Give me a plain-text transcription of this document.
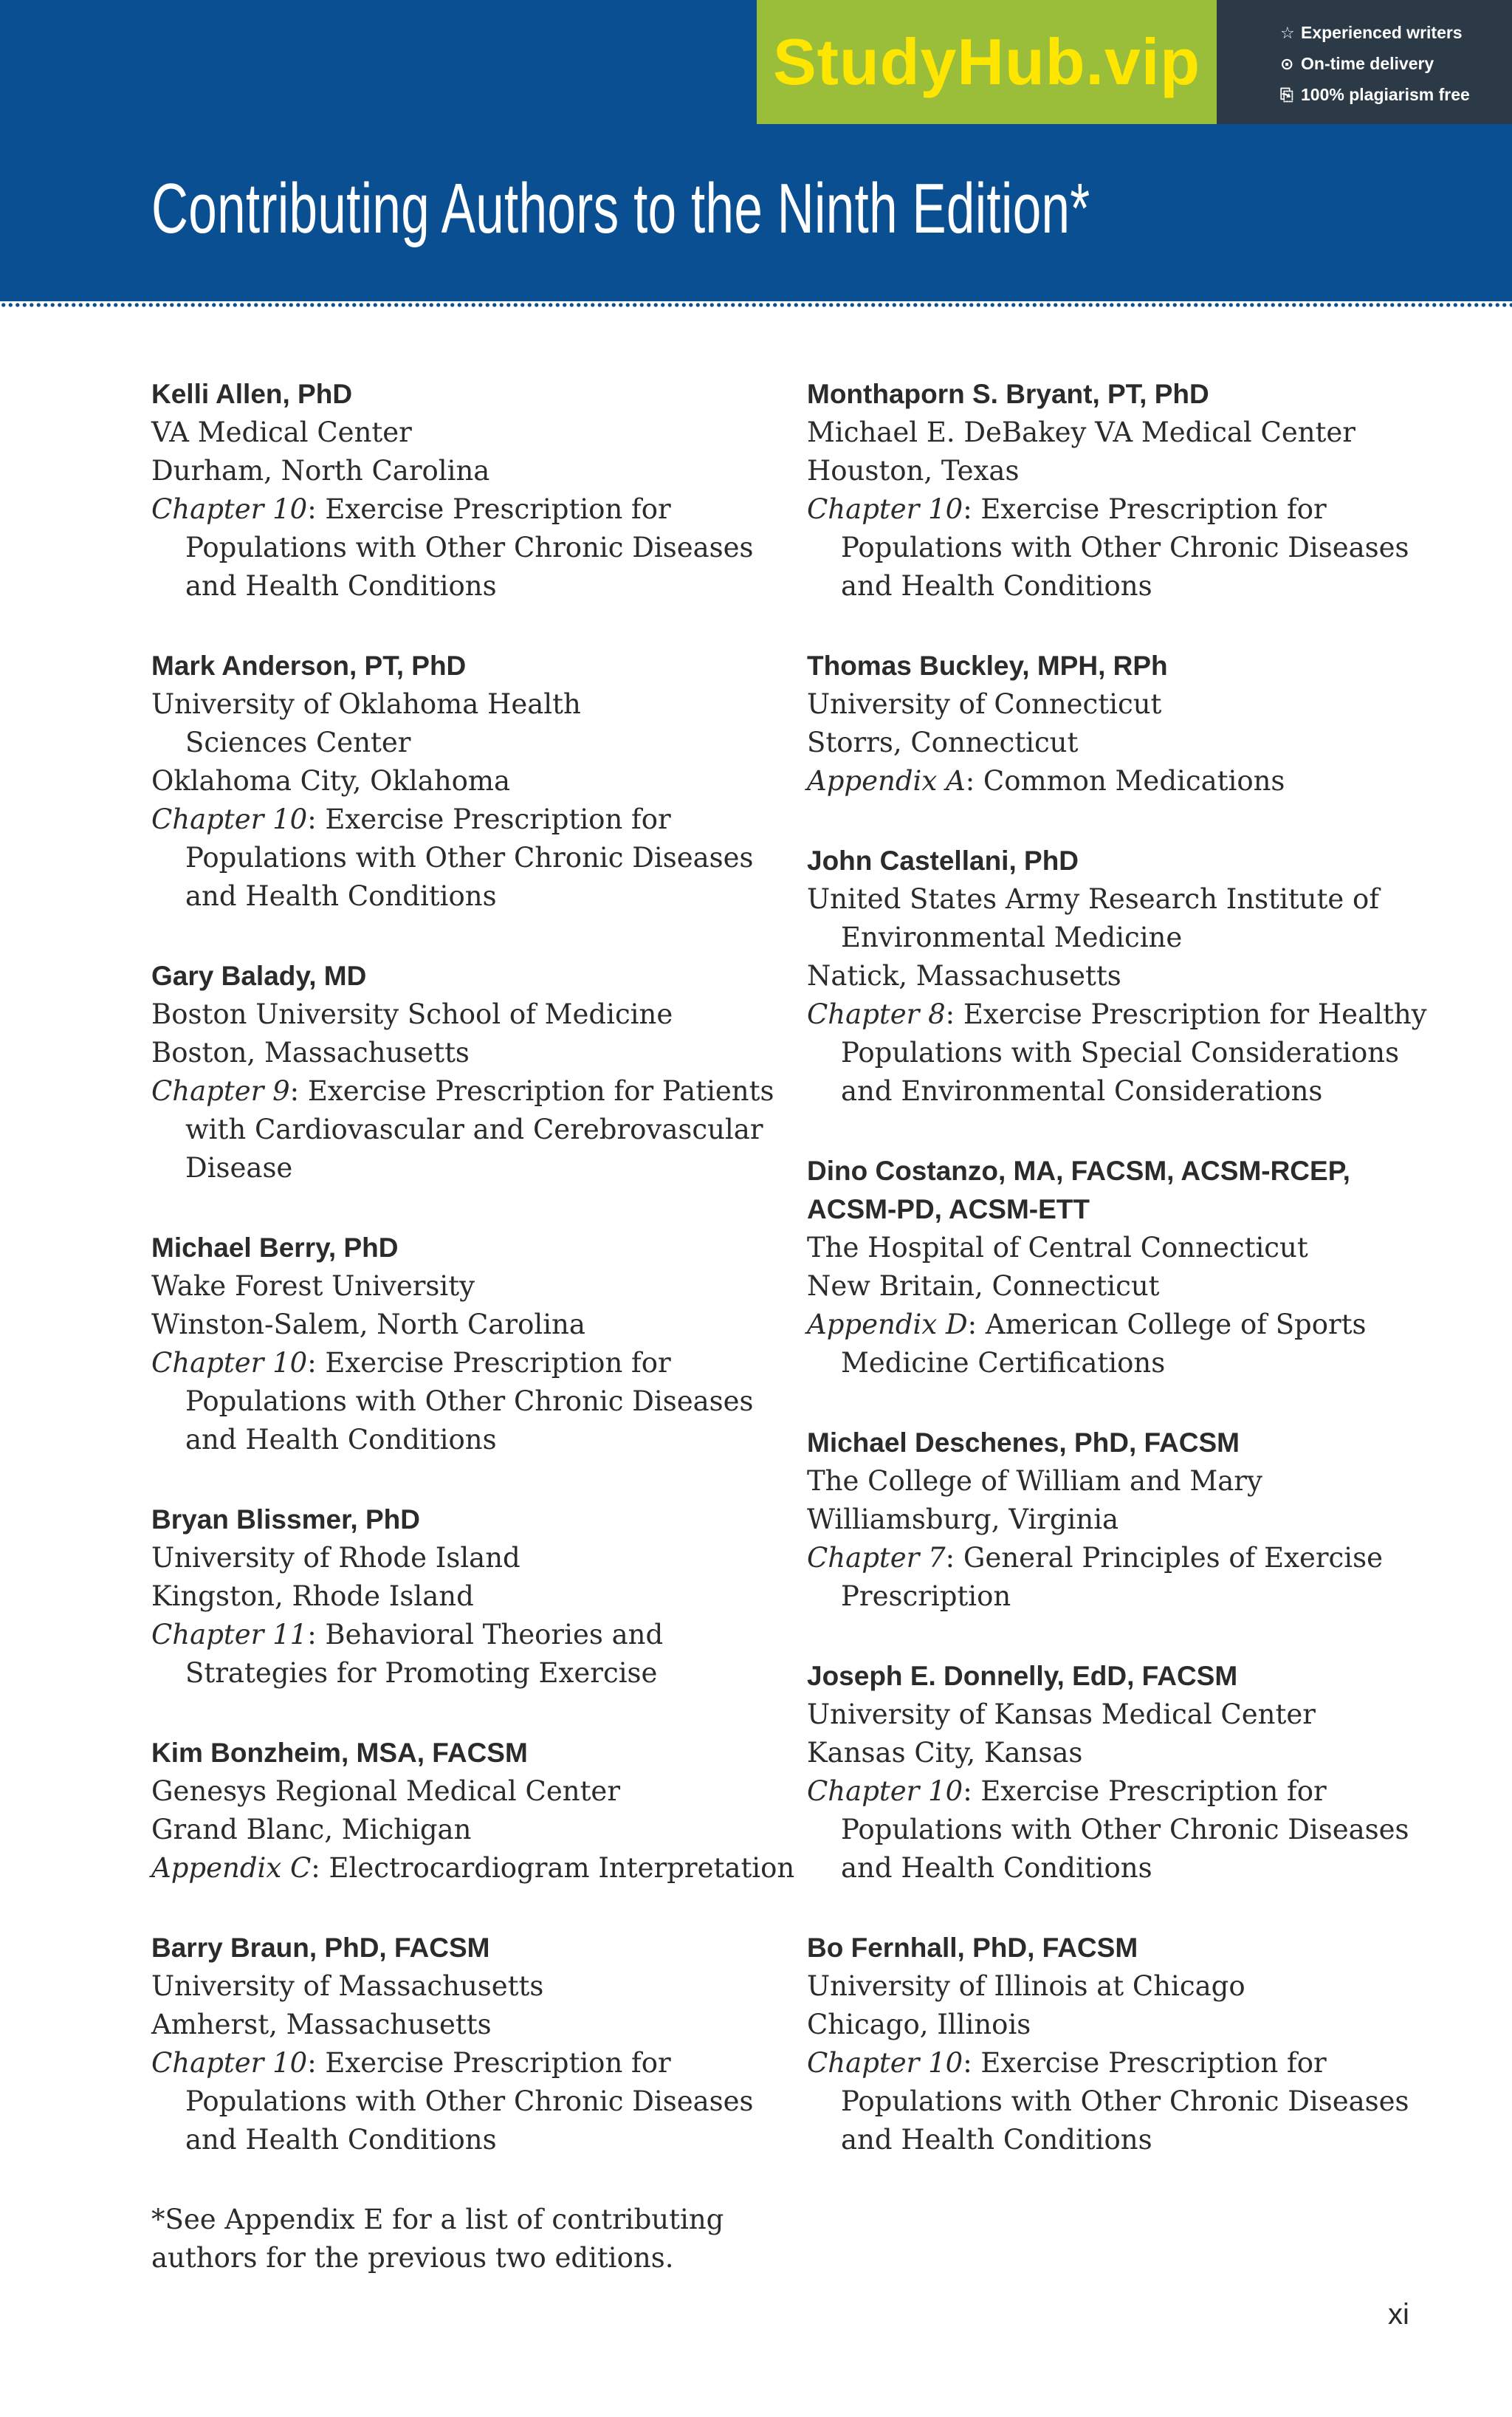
Contributing Authors to the Ninth Edition*
StudyHub.vip	☆ Experienced writers
⊙ On-time delivery
⎘ 100% plagiarism free
Kelli Allen, PhD
VA Medical Center
Durham, North Carolina
Chapter 10: Exercise Prescription for
Populations with Other Chronic Diseases
and Health Conditions
Mark Anderson, PT, PhD
University of Oklahoma Health
Sciences Center
Oklahoma City, Oklahoma
Chapter 10: Exercise Prescription for
Populations with Other Chronic Diseases
and Health Conditions
Gary Balady, MD
Boston University School of Medicine
Boston, Massachusetts
Chapter 9: Exercise Prescription for Patients
with Cardiovascular and Cerebrovascular
Disease
Michael Berry, PhD
Wake Forest University
Winston-Salem, North Carolina
Chapter 10: Exercise Prescription for
Populations with Other Chronic Diseases
and Health Conditions
Bryan Blissmer, PhD
University of Rhode Island
Kingston, Rhode Island
Chapter 11: Behavioral Theories and
Strategies for Promoting Exercise
Kim Bonzheim, MSA, FACSM
Genesys Regional Medical Center
Grand Blanc, Michigan
Appendix C: Electrocardiogram Interpretation
Barry Braun, PhD, FACSM
University of Massachusetts
Amherst, Massachusetts
Chapter 10: Exercise Prescription for
Populations with Other Chronic Diseases
and Health Conditions
Monthaporn S. Bryant, PT, PhD
Michael E. DeBakey VA Medical Center
Houston, Texas
Chapter 10: Exercise Prescription for
Populations with Other Chronic Diseases
and Health Conditions
Thomas Buckley, MPH, RPh
University of Connecticut
Storrs, Connecticut
Appendix A: Common Medications
John Castellani, PhD
United States Army Research Institute of
Environmental Medicine
Natick, Massachusetts
Chapter 8: Exercise Prescription for Healthy
Populations with Special Considerations
and Environmental Considerations
Dino Costanzo, MA, FACSM, ACSM-RCEP,
ACSM-PD, ACSM-ETT
The Hospital of Central Connecticut
New Britain, Connecticut
Appendix D: American College of Sports
Medicine Certifications
Michael Deschenes, PhD, FACSM
The College of William and Mary
Williamsburg, Virginia
Chapter 7: General Principles of Exercise
Prescription
Joseph E. Donnelly, EdD, FACSM
University of Kansas Medical Center
Kansas City, Kansas
Chapter 10: Exercise Prescription for
Populations with Other Chronic Diseases
and Health Conditions
Bo Fernhall, PhD, FACSM
University of Illinois at Chicago
Chicago, Illinois
Chapter 10: Exercise Prescription for
Populations with Other Chronic Diseases
and Health Conditions
*See Appendix E for a list of contributing
authors for the previous two editions.
xi
